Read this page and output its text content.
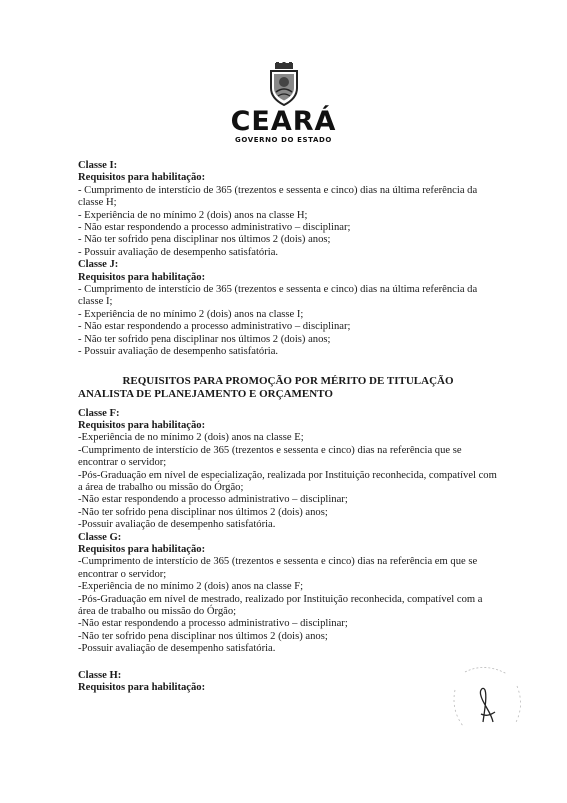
CEARÁ
GOVERNO DO ESTADO

Classe I:

Requisitos para habilitação:

- Cumprimento de interstício de 365 (trezentos e sessenta e cinco) dias na última referência da classe H;

- Experiência de no mínimo 2 (dois) anos na classe H;

- Não estar respondendo a processo administrativo – disciplinar;

- Não ter sofrido pena disciplinar nos últimos 2 (dois) anos;

- Possuir avaliação de desempenho satisfatória.

Classe J:

Requisitos para habilitação:

- Cumprimento de interstício de 365 (trezentos e sessenta e cinco) dias na última referência da classe I;

- Experiência de no mínimo 2 (dois) anos na classe I;

- Não estar respondendo a processo administrativo – disciplinar;

- Não ter sofrido pena disciplinar nos últimos 2 (dois) anos;

- Possuir avaliação de desempenho satisfatória.

REQUISITOS PARA PROMOÇÃO POR MÉRITO DE TITULAÇÃO

ANALISTA DE PLANEJAMENTO E ORÇAMENTO

Classe F:

Requisitos para habilitação:

-Experiência de no mínimo 2 (dois) anos na classe E;

-Cumprimento de interstício de 365 (trezentos e sessenta e cinco) dias na referência que se encontrar o servidor;

-Pós-Graduação em nível de especialização, realizada por Instituição reconhecida, compatível com a área de trabalho ou missão do Órgão;

-Não estar respondendo a processo administrativo – disciplinar;

-Não ter sofrido pena disciplinar nos últimos 2 (dois) anos;

-Possuir avaliação de desempenho satisfatória.

Classe G:

Requisitos para habilitação:

-Cumprimento de interstício de 365 (trezentos e sessenta e cinco) dias na referência em que se encontrar o servidor;

-Experiência de no mínimo 2 (dois) anos na classe F;

-Pós-Graduação em nível de mestrado, realizado por Instituição reconhecida, compatível com a área de trabalho ou missão do Órgão;

-Não estar respondendo a processo administrativo – disciplinar;

-Não ter sofrido pena disciplinar nos últimos 2 (dois) anos;

-Possuir avaliação de desempenho satisfatória.

Classe H:

Requisitos para habilitação:
